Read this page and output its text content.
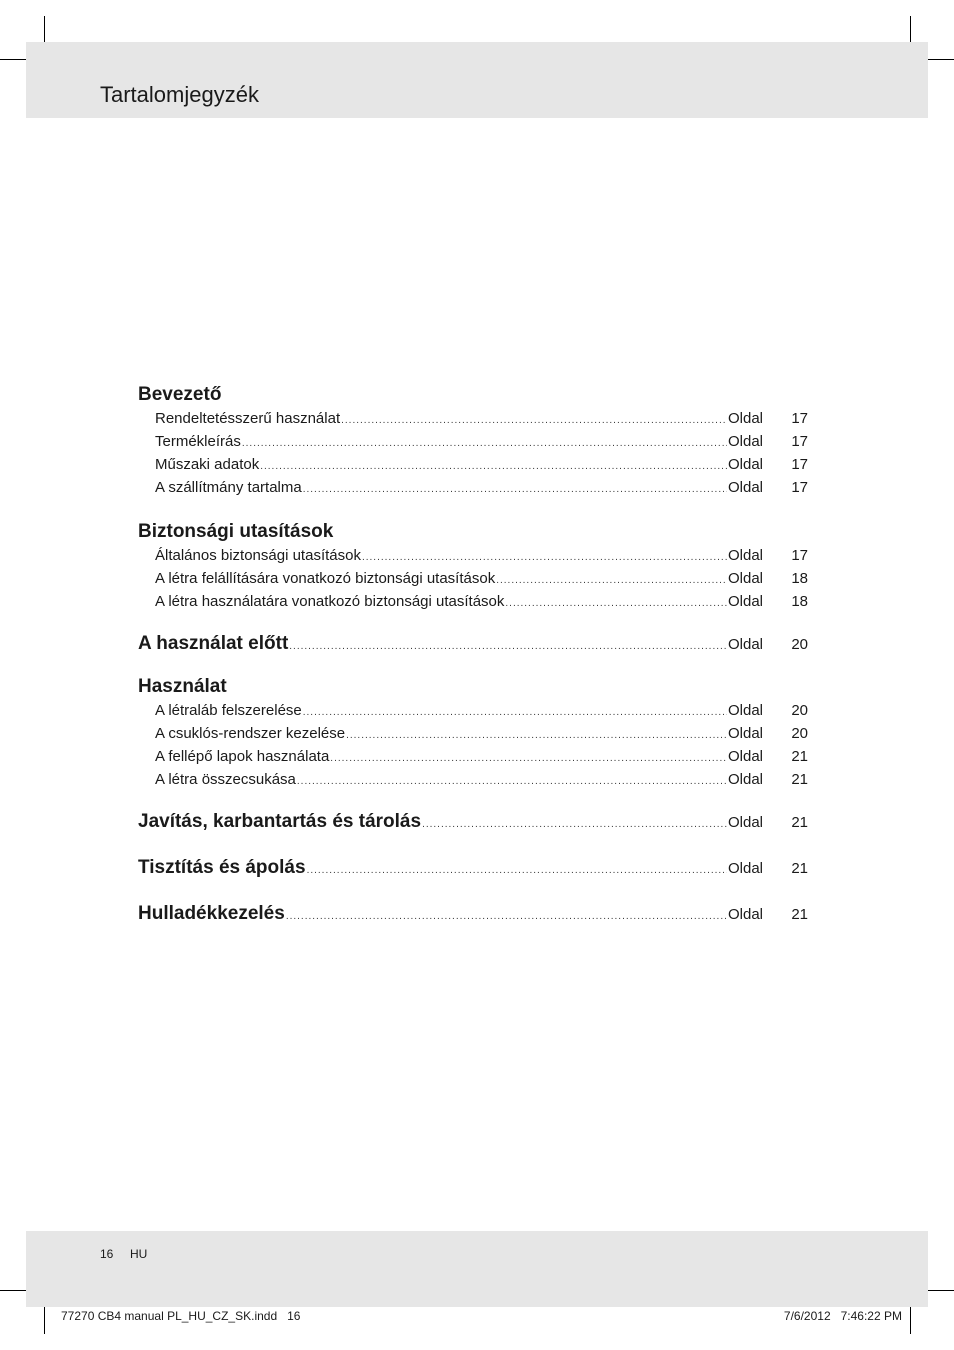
Tartalomjegyzék
Bevezető
Rendeltetésszerű használat .....	Oldal	17
Termékleírás .....	Oldal	17
Műszaki adatok .....	Oldal	17
A szállítmány tartalma .....	Oldal	17
Biztonsági utasítások
Általános biztonsági utasítások .....	Oldal	17
A létra felállítására vonatkozó biztonsági utasítások .....	Oldal	18
A létra használatára vonatkozó biztonsági utasítások .....	Oldal	18
A használat előtt .....	Oldal	20
Használat
A létraláb felszerelése .....	Oldal	20
A csuklós-rendszer kezelése .....	Oldal	20
A fellépő lapok használata .....	Oldal	21
A létra összecsukása .....	Oldal	21
Javítás, karbantartás és tárolás .....	Oldal	21
Tisztítás és ápolás .....	Oldal	21
Hulladékkezelés .....	Oldal	21
16 HU
77270 CB4 manual PL_HU_CZ_SK.indd   16	7/6/2012   7:46:22 PM
